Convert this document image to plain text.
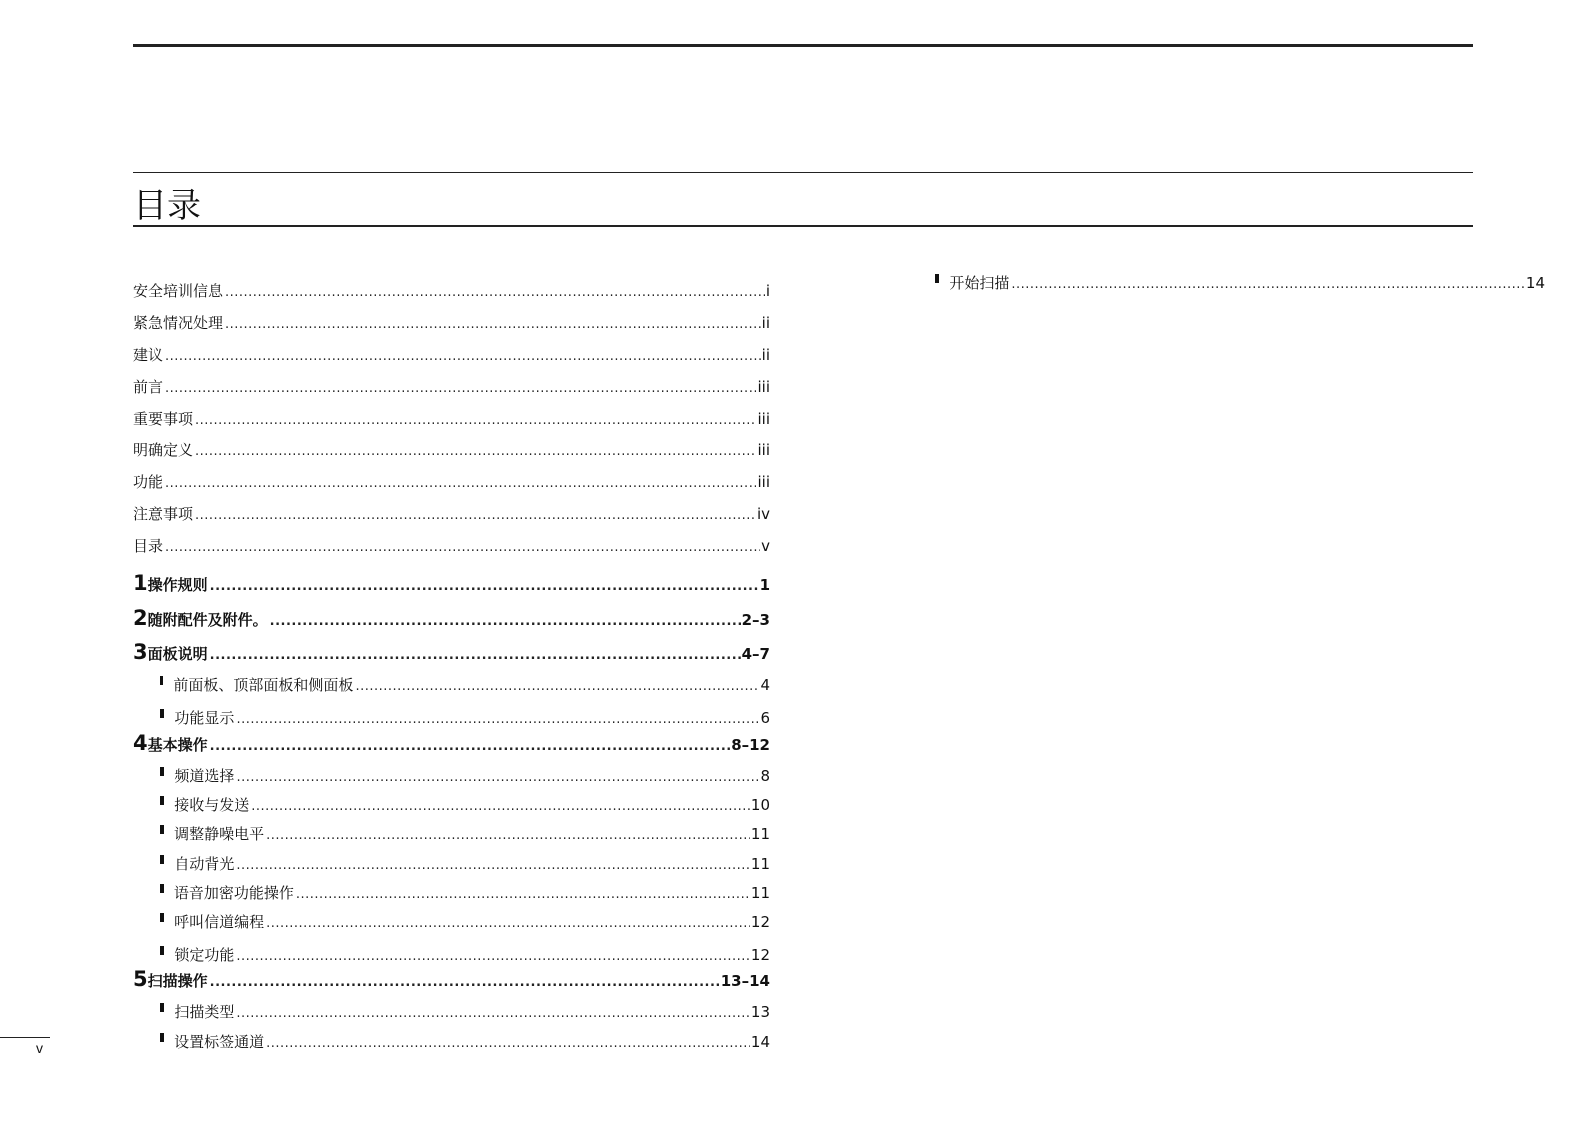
目录
安全培训信息 .....	i
紧急情况处理 .....	ii
建议 .....	ii
前言 .....	iii
重要事项 .....	iii
明确定义 .....	iii
功能 .....	iii
注意事项 .....	iv
目录 .....	v
1 操作规则 .....	1
2 随附配件及附件。 .....	2–3
3 面板说明 .....	4–7
前面板、顶部面板和侧面板 .....	4
功能显示 .....	6
4 基本操作 .....	8–12
频道选择 .....	8
接收与发送 .....	10
调整静噪电平 .....	11
自动背光 .....	11
语音加密功能操作 .....	11
呼叫信道编程 .....	12
锁定功能 .....	12
5 扫描操作 .....	13–14
扫描类型 .....	13
设置标签通道 .....	14
开始扫描 .....	14
v
